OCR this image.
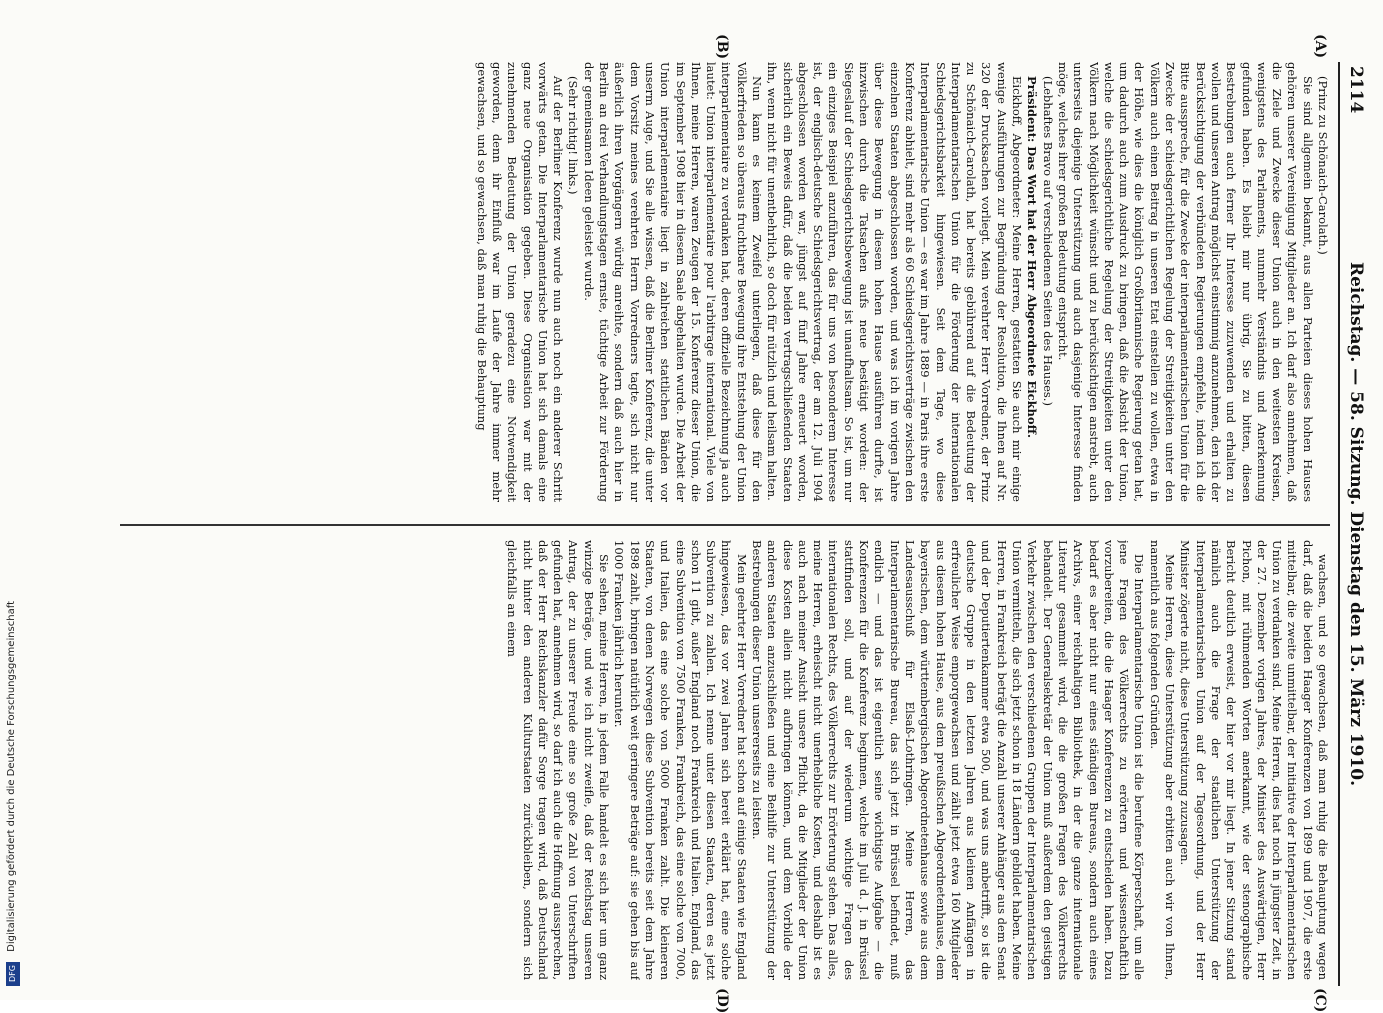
Digitalisierung gefördert durch die Deutsche Forschungsgemeinschaft
DFG
2114
Reichstag. — 58. Sitzung. Dienstag den 15. März 1910.
(A)
(B)
(C)
(D)

(Prinz zu Schönaich-Carolath.)

Sie sind allgemein bekannt, aus allen Parteien dieses hohen Hauses gehören unserer Vereinigung Mitglieder an. Ich darf also annehmen, daß die Ziele und Zwecke dieser Union auch in den weitesten Kreisen, wenigstens des Parlaments, nunmehr Verständnis und Anerkennung gefunden haben. Es bleibt mir nur übrig, Sie zu bitten, diesen Bestrebungen auch ferner Ihr Interesse zuzuwenden und erhalten zu wollen und unseren Antrag möglichst einstimmig anzunehmen, den ich der Berücksichtigung der verbündeten Regierungen empfehle, indem ich die Bitte ausspreche, für die Zwecke der interparlamentarischen Union für die Zwecke der schiedsgerichtlichen Regelung der Streitigkeiten unter den Völkern auch einen Beitrag in unseren Etat einstellen zu wollen, etwa in der Höhe, wie dies die königlich Großbritannische Regierung getan hat, um dadurch auch zum Ausdruck zu bringen, daß die Absicht der Union, welche die schiedsgerichtliche Regelung der Streitigkeiten unter den Völkern nach Möglichkeit wünscht und zu berücksichtigen anstrebt, auch unterseits diejenige Unterstützung und auch dasjenige Interesse finden möge, welches ihrer großen Bedeutung entspricht.

(Lebhaftes Bravo auf verschiedenen Seiten des Hauses.)

Präsident: Das Wort hat der Herr Abgeordnete Eickhoff.

Eickhoff, Abgeordneter: Meine Herren, gestatten Sie auch mir einige wenige Ausführungen zur Begründung der Resolution, die Ihnen auf Nr. 320 der Drucksachen vorliegt. Mein verehrter Herr Vorredner, der Prinz zu Schönaich-Carolath, hat bereits gebührend auf die Bedeutung der Interparlamentarischen Union für die Förderung der internationalen Schiedsgerichtsbarkeit hingewiesen. Seit dem Tage, wo diese Interparlamentarische Union — es war im Jahre 1889 — in Paris ihre erste Konferenz abhielt, sind mehr als 60 Schiedsgerichtsverträge zwischen den einzelnen Staaten abgeschlossen worden, und was ich im vorigen Jahre über diese Bewegung in diesem hohen Hause ausführen durfte, ist inzwischen durch die Tatsachen aufs neue bestätigt worden: der Siegeslauf der Schiedsgerichtsbewegung ist unaufhaltsam. So ist, um nur ein einziges Beispiel anzuführen, das für uns von besonderem Interesse ist, der englisch-deutsche Schiedsgerichtsvertrag, der am 12. Juli 1904 abgeschlossen worden war, jüngst auf fünf Jahre erneuert worden, sicherlich ein Beweis dafür, daß die beiden vertragschließenden Staaten ihn, wenn nicht für unentbehrlich, so doch für nützlich und heilsam halten.

Nun kann es keinem Zweifel unterliegen, daß diese für den Völkerfrieden so überaus fruchtbare Bewegung ihre Entstehung der Union interparlementaire zu verdanken hat, deren offizielle Bezeichnung ja auch lautet: Union interparlementaire pour l'arbitrage international. Viele von Ihnen, meine Herren, waren Zeugen der 15. Konferenz dieser Union, die im September 1908 hier in diesem Saale abgehalten wurde. Die Arbeit der Union interparlementaire liegt in zahlreichen stattlichen Bänden vor unserm Auge, und Sie alle wissen, daß die Berliner Konferenz, die unter dem Vorsitz meines verehrten Herrn Vorredners tagte, sich nicht nur äußerlich ihren Vorgängern würdig anreihte, sondern daß auch hier in Berlin an drei Verhandlungstagen ernste, tüchtige Arbeit zur Förderung der gemeinsamen Ideen geleistet wurde.

(Sehr richtig! links.)

Auf der Berliner Konferenz wurde nun auch noch ein anderer Schritt vorwärts getan. Die Interparlamentarische Union hat sich damals eine ganz neue Organisation gegeben. Diese Organisation war mit der zunehmenden Bedeutung der Union geradezu eine Notwendigkeit geworden, denn ihr Einfluß war im Laufe der Jahre immer mehr gewachsen, und so gewachsen, daß man ruhig die Behauptung

wachsen, und so gewachsen, daß man ruhig die Behauptung wagen darf, daß die beiden Haager Konferenzen von 1899 und 1907, die erste mittelbar, die zweite unmittelbar, der Initiative der Interparlamentarischen Union zu verdanken sind. Meine Herren, dies hat noch in jüngster Zeit, in der 27. Dezember vorigen Jahres, der Minister des Auswärtigen, Herr Pichon, mit rühmenden Worten anerkannt, wie der stenographische Bericht deutlich erweist, der hier vor mir liegt. In jener Sitzung stand nämlich auch die Frage der staatlichen Unterstützung der Interparlamentarischen Union auf der Tagesordnung, und der Herr Minister zögerte nicht, diese Unterstützung zuzusagen.

Meine Herren, diese Unterstützung aber erbitten auch wir von Ihnen, namentlich aus folgenden Gründen.

Die Interparlamentarische Union ist die berufene Körperschaft, um alle jene Fragen des Völkerrechts zu erörtern und wissenschaftlich vorzubereiten, die die Haager Konferenzen zu entscheiden haben. Dazu bedarf es aber nicht nur eines ständigen Bureaus, sondern auch eines Archivs, einer reichhaltigen Bibliothek, in der die ganze internationale Literatur gesammelt wird, die die großen Fragen des Völkerrechts behandelt. Der Generalsekretär der Union muß außerdem den geistigen Verkehr zwischen den verschiedenen Gruppen der Interparlamentarischen Union vermitteln, die sich jetzt schon in 18 Ländern gebildet haben. Meine Herren, in Frankreich beträgt die Anzahl unserer Anhänger aus dem Senat und der Deputiertenkammer etwa 500, und was uns anbetrifft, so ist die deutsche Gruppe in den letzten Jahren aus kleinen Anfängen in erfreulicher Weise emporgewachsen und zählt jetzt etwa 160 Mitglieder aus diesem hohen Hause, aus dem preußischen Abgeordnetenhause, dem bayerischen, dem württembergischen Abgeordnetenhause sowie aus dem Landesausschuß für Elsaß-Lothringen. Meine Herren, das Interparlamentarische Bureau, das sich jetzt in Brüssel befindet, muß endlich — und das ist eigentlich seine wichtigste Aufgabe — die Konferenzen für die Konferenz beginnen, welche im Juli d. J. in Brüssel stattfinden soll, und auf der wiederum wichtige Fragen des internationalen Rechts, des Völkerrechts zur Erörterung stehen. Das alles, meine Herren, erheischt nicht unerhebliche Kosten, und deshalb ist es auch nach meiner Ansicht unsere Pflicht, da die Mitglieder der Union diese Kosten allein nicht aufbringen können, und dem Vorbilde der anderen Staaten anzuschließen und eine Beihilfe zur Unterstützung der Bestrebungen dieser Union unsererseits zu leisten.

Mein geehrter Herr Vorredner hat schon auf einige Staaten wie England hingewiesen, das vor zwei Jahren sich bereit erklärt hat, eine solche Subvention zu zahlen. Ich nenne unter diesen Staaten, deren es jetzt schon 11 gibt, außer England noch Frankreich und Italien. England, das eine Subvention von 7500 Franken, Frankreich, das eine solche von 7000, und Italien, das eine solche von 5000 Franken zahlt. Die kleineren Staaten, von denen Norwegen diese Subvention bereits seit dem Jahre 1898 zahlt, bringen natürlich weit geringere Beträge auf: sie gehen bis auf 1000 Franken jährlich herunter.

Sie sehen, meine Herren, in jedem Falle handelt es sich hier um ganz winzige Beträge, und wie ich nicht zweifle, daß der Reichstag unseren Antrag, der zu unserer Freude eine so große Zahl von Unterschriften gefunden hat, annehmen wird, so darf ich auch die Hoffnung aussprechen, daß der Herr Reichskanzler dafür Sorge tragen wird, daß Deutschland nicht hinter den anderen Kulturstaaten zurückbleiben, sondern sich gleichfalls an einem
